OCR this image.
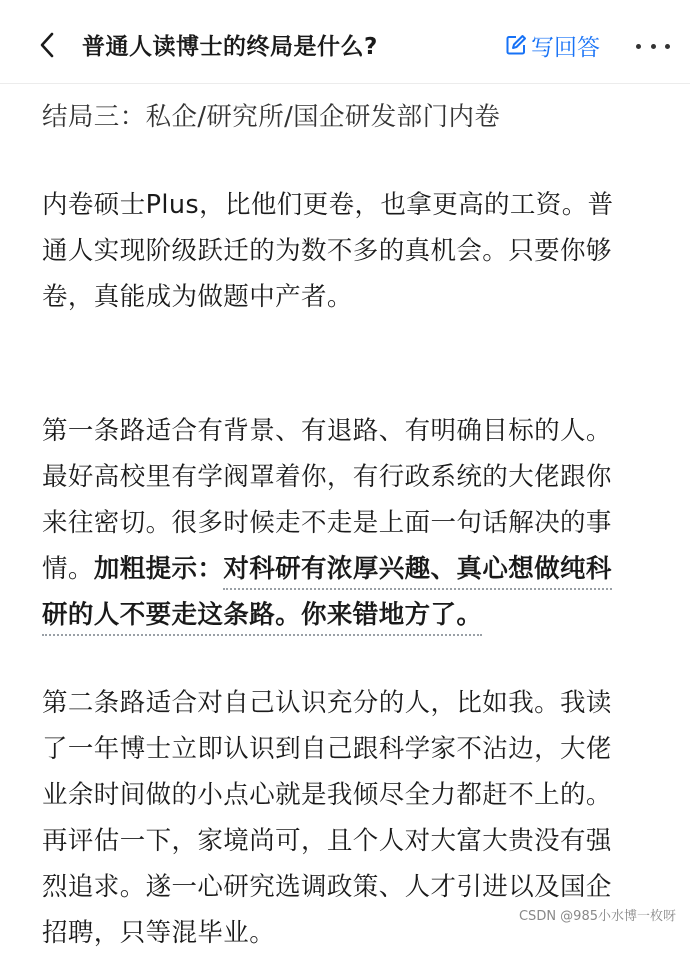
普通人读博士的终局是什么?	写回答
结局三：私企/研究所/国企研发部门内卷
内卷硕士Plus，比他们更卷，也拿更高的工资。普
通人实现阶级跃迁的为数不多的真机会。只要你够
卷，真能成为做题中产者。
第一条路适合有背景、有退路、有明确目标的人。
最好高校里有学阀罩着你，有行政系统的大佬跟你
来往密切。很多时候走不走是上面一句话解决的事
情。加粗提示：对科研有浓厚兴趣、真心想做纯科
研的人不要走这条路。你来错地方了。
第二条路适合对自己认识充分的人，比如我。我读
了一年博士立即认识到自己跟科学家不沾边，大佬
业余时间做的小点心就是我倾尽全力都赶不上的。
再评估一下，家境尚可，且个人对大富大贵没有强
烈追求。遂一心研究选调政策、人才引进以及国企
招聘，只等混毕业。
CSDN @985小水博一枚呀
